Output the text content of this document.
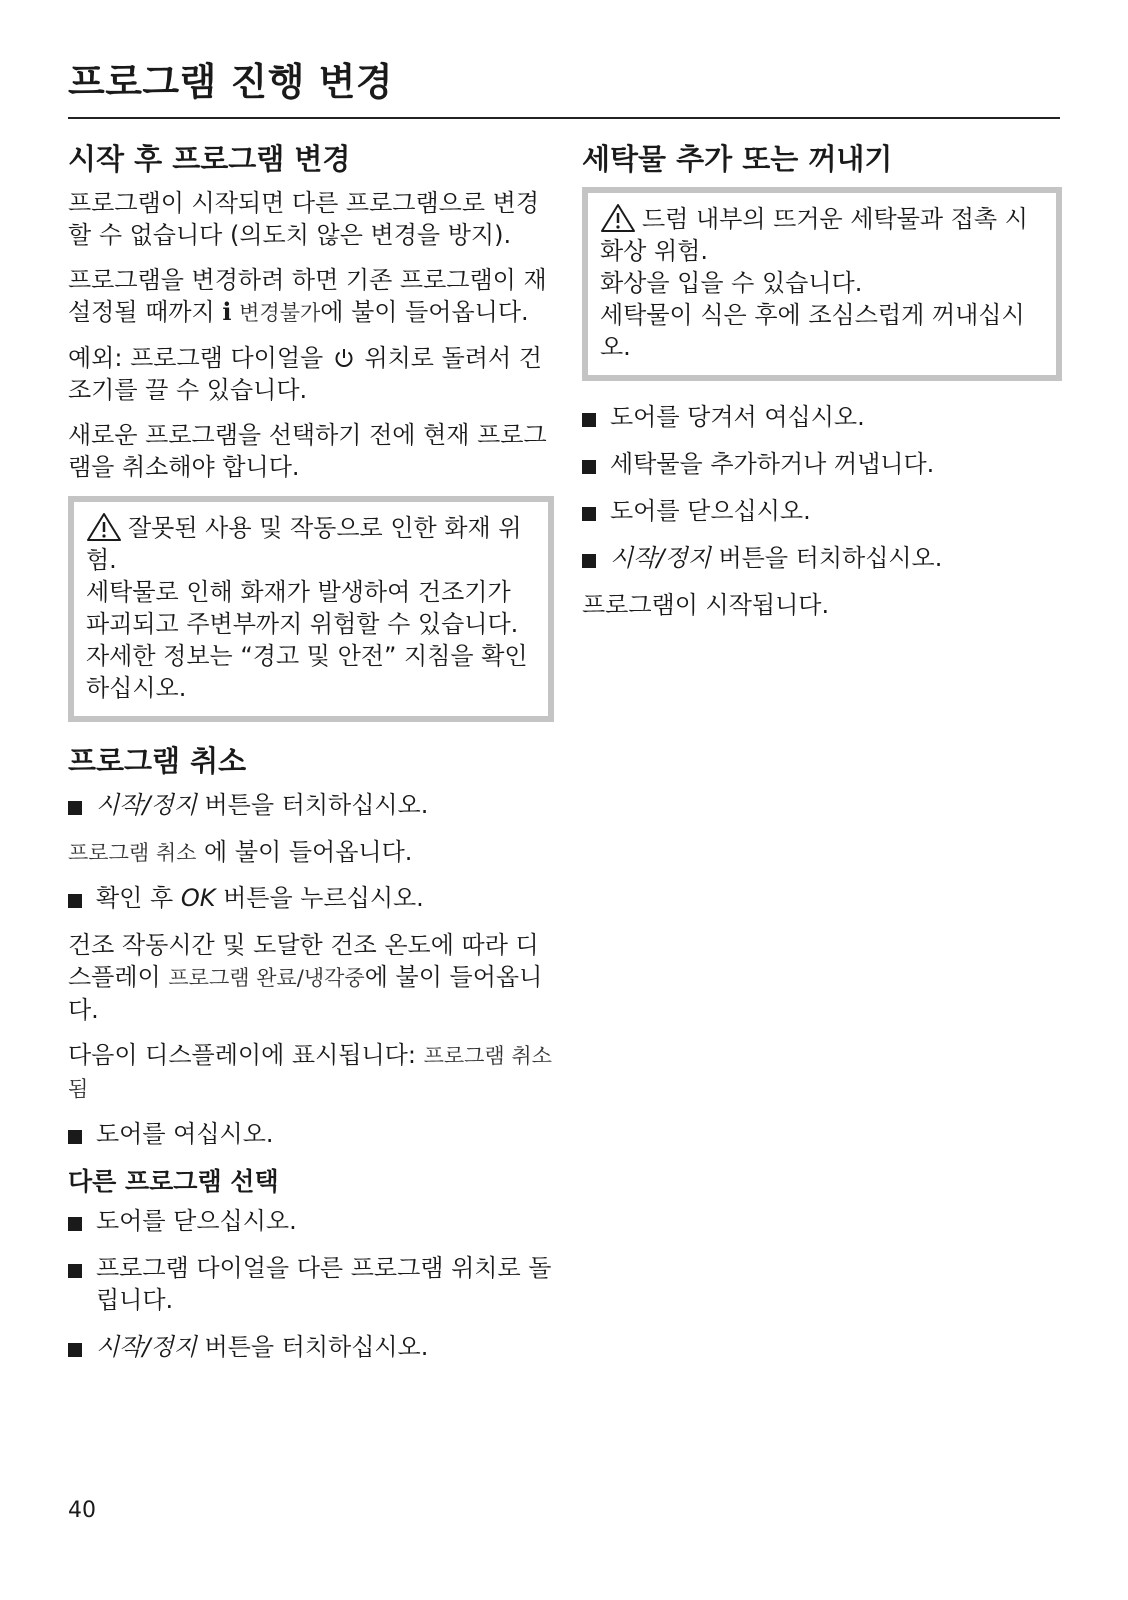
프로그램 진행 변경
시작 후 프로그램 변경

프로그램이 시작되면 다른 프로그램으로 변경할 수 없습니다 (의도치 않은 변경을 방지).

프로그램을 변경하려 하면 기존 프로그램이 재설정될 때까지 i 변경불가에 불이 들어옵니다.

예외: 프로그램 다이얼을  위치로 돌려서 건조기를 끌 수 있습니다.

새로운 프로그램을 선택하기 전에 현재 프로그램을 취소해야 합니다.

잘못된 사용 및 작동으로 인한 화재 위험.

세탁물로 인해 화재가 발생하여 건조기가 파괴되고 주변부까지 위험할 수 있습니다.

자세한 정보는 “경고 및 안전” 지침을 확인하십시오.

프로그램 취소
시작/정지 버튼을 터치하십시오.

프로그램 취소 에 불이 들어옵니다.

확인 후 OK 버튼을 누르십시오.

건조 작동시간 및 도달한 건조 온도에 따라 디스플레이 프로그램 완료/냉각중에 불이 들어옵니다.

다음이 디스플레이에 표시됩니다: 프로그램 취소됨

도어를 여십시오.
다른 프로그램 선택
도어를 닫으십시오.
프로그램 다이얼을 다른 프로그램 위치로 돌립니다.
시작/정지 버튼을 터치하십시오.
세탁물 추가 또는 꺼내기

드럼 내부의 뜨거운 세탁물과 접촉 시 화상 위험.

화상을 입을 수 있습니다.

세탁물이 식은 후에 조심스럽게 꺼내십시오.

도어를 당겨서 여십시오.
세탁물을 추가하거나 꺼냅니다.
도어를 닫으십시오.
시작/정지 버튼을 터치하십시오.

프로그램이 시작됩니다.

40
